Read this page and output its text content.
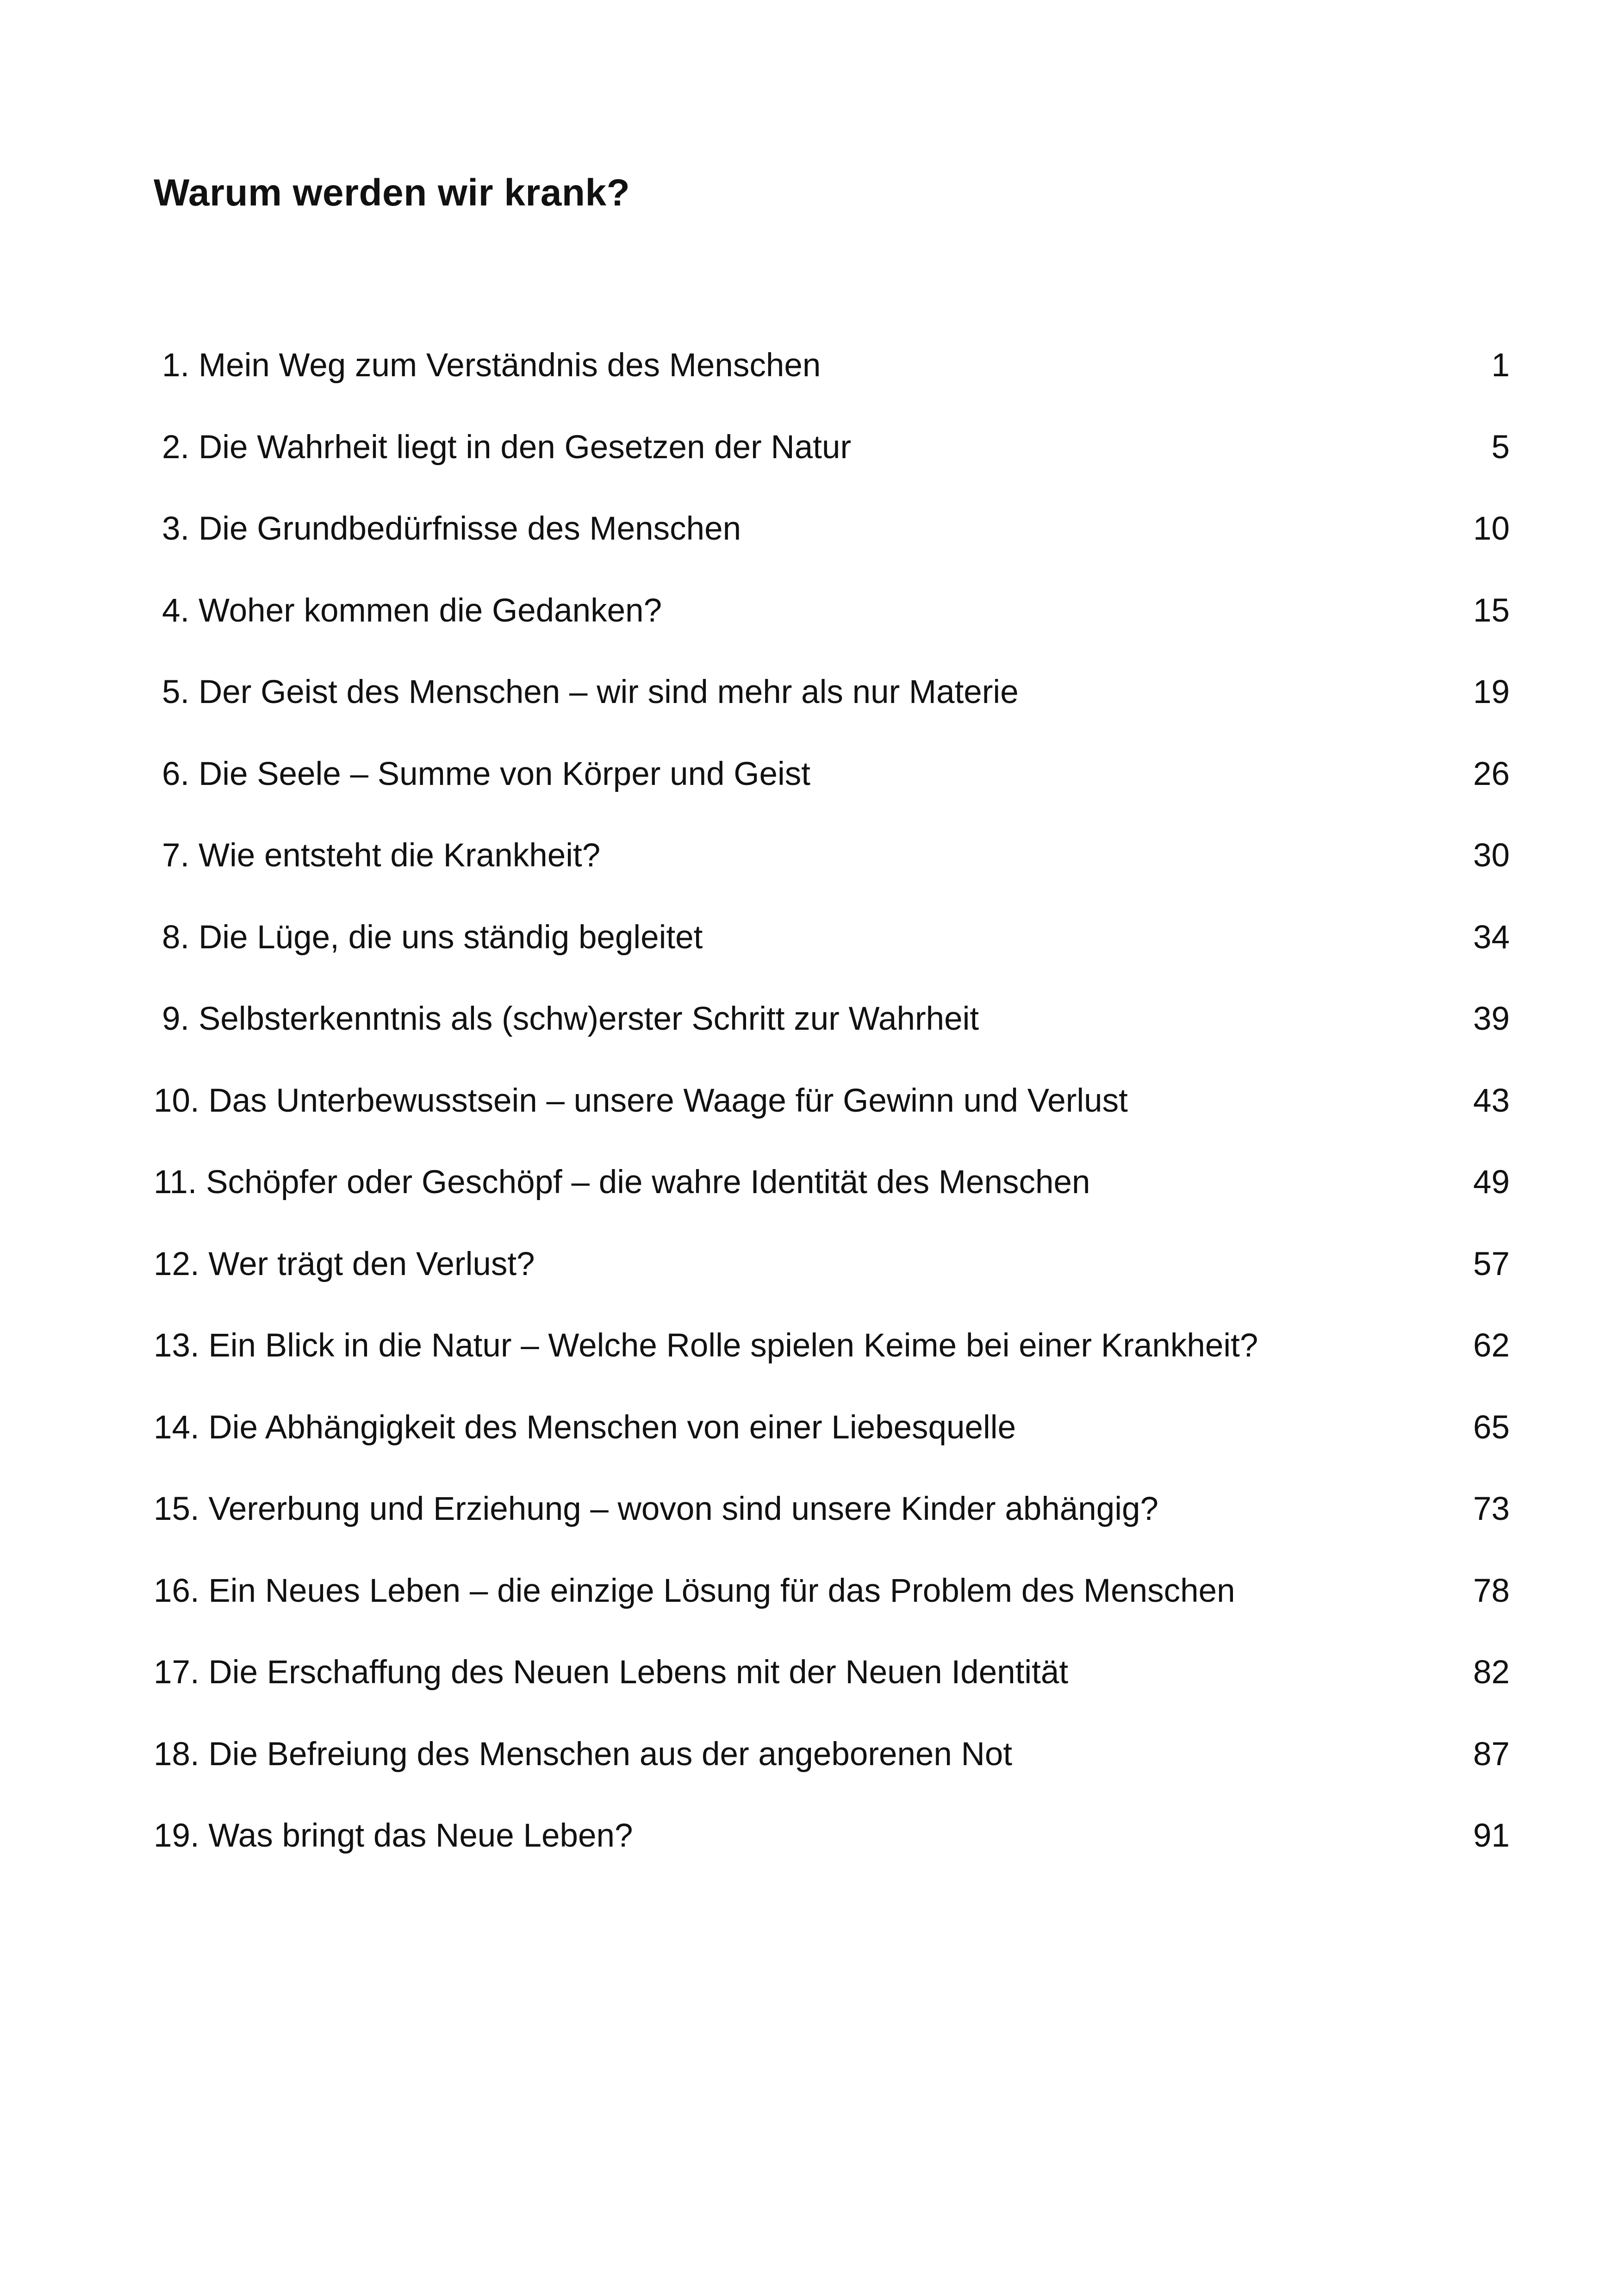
Warum werden wir krank?
1. Mein Weg zum Verständnis des Menschen	1
2. Die Wahrheit liegt in den Gesetzen der Natur	5
3. Die Grundbedürfnisse des Menschen	10
4. Woher kommen die Gedanken?	15
5. Der Geist des Menschen – wir sind mehr als nur Materie	19
6. Die Seele – Summe von Körper und Geist	26
7. Wie entsteht die Krankheit?	30
8. Die Lüge, die uns ständig begleitet	34
9. Selbsterkenntnis als (schw)erster Schritt zur Wahrheit	39
10. Das Unterbewusstsein – unsere Waage für Gewinn und Verlust	43
11. Schöpfer oder Geschöpf – die wahre Identität des Menschen	49
12. Wer trägt den Verlust?	57
13. Ein Blick in die Natur – Welche Rolle spielen Keime bei einer Krankheit?	62
14. Die Abhängigkeit des Menschen von einer Liebesquelle	65
15. Vererbung und Erziehung – wovon sind unsere Kinder abhängig?	73
16. Ein Neues Leben – die einzige Lösung für das Problem des Menschen	78
17. Die Erschaffung des Neuen Lebens mit der Neuen Identität	82
18. Die Befreiung des Menschen aus der angeborenen Not	87
19. Was bringt das Neue Leben?	91
